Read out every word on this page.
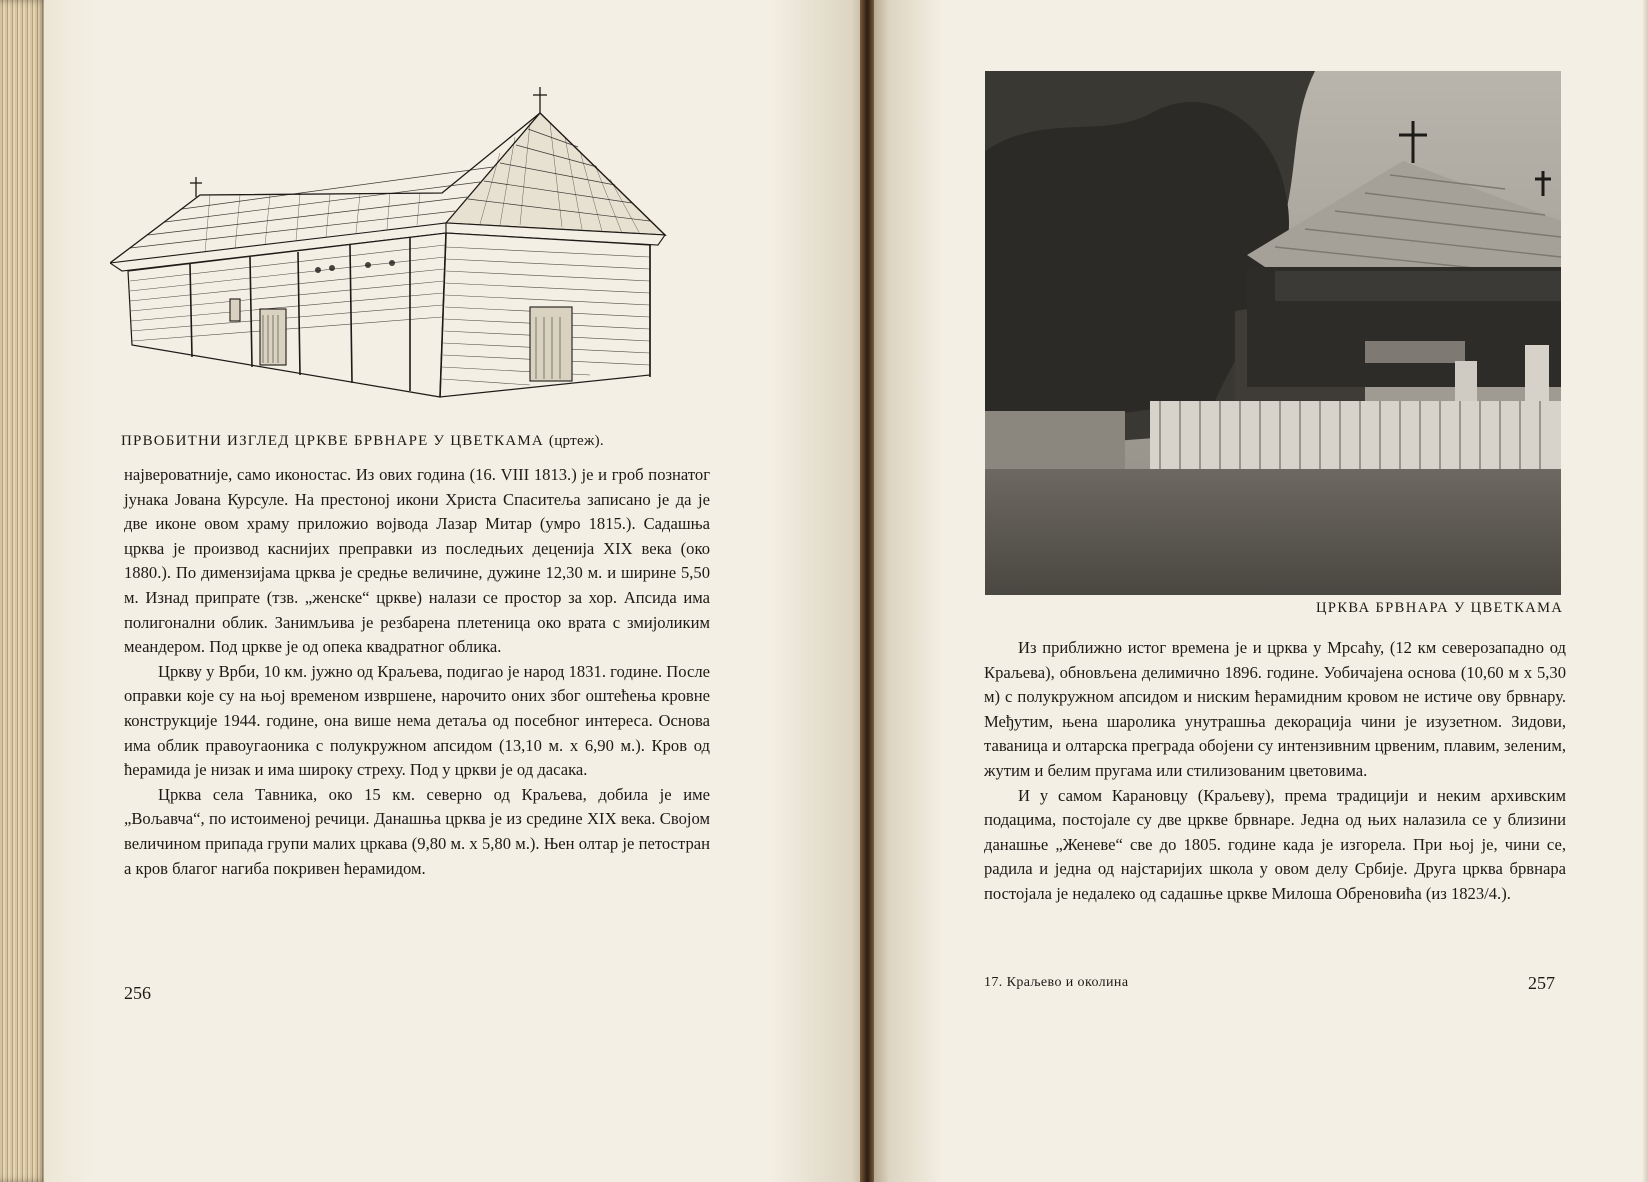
ПРВОБИТНИ ИЗГЛЕД ЦРКВЕ БРВНАРЕ У ЦВЕТКАМА (цртеж).

највероватније, само иконостас. Из ових година (16. VIII 1813.) је и гроб познатог јунака Јована Курсуле. На престоној икони Христа Спаситеља записано је да је две иконе овом храму приложио војвода Лазар Митар (умро 1815.). Садашња црква је производ каснијих преправки из последњих деценија XIX века (око 1880.). По димензијама црква је средње величине, дужине 12,30 м. и ширине 5,50 м. Изнад припрате (тзв. „женске“ цркве) налази се простор за хор. Апсида има полигонални облик. Занимљива је резбарена плетеница око врата с змијоликим меандером. Под цркве је од опека квадратног облика.

Цркву у Врби, 10 км. јужно од Краљева, подигао је народ 1831. године. После оправки које су на њој временом извршене, нарочито оних због оштећења кровне конструкције 1944. године, она више нема детаља од посебног интереса. Основа има облик правоугаоника с полукружном апсидом (13,10 м. х 6,90 м.). Кров од ћерамида је низак и има широку стреху. Под у цркви је од дасака.

Црква села Тавника, око 15 км. северно од Краљева, добила је име „Вољавча“, по истоименој речици. Данашња црква је из средине XIX века. Својом величином припада групи малих цркава (9,80 м. х 5,80 м.). Њен олтар је петостран а кров благог нагиба покривен ћерамидом.

256
ЦРКВА БРВНАРА У ЦВЕТКАМА

Из приближно истог времена је и црква у Мрсаћу, (12 км северозападно од Краљева), обновљена делимично 1896. године. Уобичајена основа (10,60 м х 5,30 м) с полукружном апсидом и ниским ћерамидним кровом не истиче ову брвнару. Међутим, њена шаролика унутрашња декорација чини је изузетном. Зидови, таваница и олтарска преграда обојени су интензивним црвеним, плавим, зеленим, жутим и белим пругама или стилизованим цветовима.

И у самом Карановцу (Краљеву), према традицији и неким архивским подацима, постојале су две цркве брвнаре. Једна од њих налазила се у близини данашње „Женеве“ све до 1805. године када је изгорела. При њој је, чини се, радила и једна од најстаријих школа у овом делу Србије. Друга црква брвнара постојала је недалеко од садашње цркве Милоша Обреновића (из 1823/4.).

17. Краљево и околина	257
